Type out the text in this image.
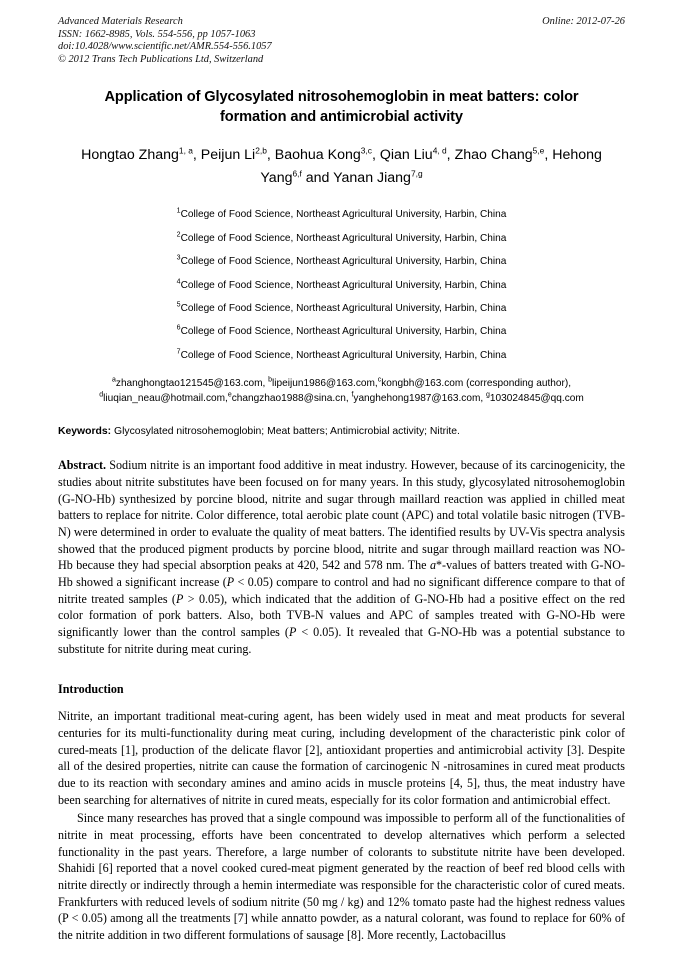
Advanced Materials Research
ISSN: 1662-8985, Vols. 554-556, pp 1057-1063
doi:10.4028/www.scientific.net/AMR.554-556.1057
© 2012 Trans Tech Publications Ltd, Switzerland
Online: 2012-07-26
Application of Glycosylated nitrosohemoglobin in meat batters: color formation and antimicrobial activity
Hongtao Zhang$^{1, a}$, Peijun Li$^{2,b}$, Baohua Kong$^{3,c}$, Qian Liu$^{4, d}$, Zhao Chang$^{5,e}$, Hehong Yang$^{6,f}$ and Yanan Jiang$^{7,g}$
$^1$College of Food Science, Northeast Agricultural University, Harbin, China
$^2$College of Food Science, Northeast Agricultural University, Harbin, China
$^3$College of Food Science, Northeast Agricultural University, Harbin, China
$^4$College of Food Science, Northeast Agricultural University, Harbin, China
$^5$College of Food Science, Northeast Agricultural University, Harbin, China
$^6$College of Food Science, Northeast Agricultural University, Harbin, China
$^7$College of Food Science, Northeast Agricultural University, Harbin, China
$^a$zhanghongtao121545@163.com, $^b$lipeijun1986@163.com,$^c$kongbh@163.com (corresponding author), $^d$liuqian_neau@hotmail.com,$^e$changzhao1988@sina.cn, $^f$yanghehong1987@163.com, $^g$103024845@qq.com
Keywords: Glycosylated nitrosohemoglobin; Meat batters; Antimicrobial activity; Nitrite.
Abstract. Sodium nitrite is an important food additive in meat industry. However, because of its carcinogenicity, the studies about nitrite substitutes have been focused on for many years. In this study, glycosylated nitrosohemoglobin (G-NO-Hb) synthesized by porcine blood, nitrite and sugar through maillard reaction was applied in chilled meat batters to replace for nitrite. Color difference, total aerobic plate count (APC) and total volatile basic nitrogen (TVB-N) were determined in order to evaluate the quality of meat batters. The identified results by UV-Vis spectra analysis showed that the produced pigment products by porcine blood, nitrite and sugar through maillard reaction was NO-Hb because they had special absorption peaks at 420, 542 and 578 nm. The a*-values of batters treated with G-NO-Hb showed a significant increase (P < 0.05) compare to control and had no significant difference compare to that of nitrite treated samples (P > 0.05), which indicated that the addition of G-NO-Hb had a positive effect on the red color formation of pork batters. Also, both TVB-N values and APC of samples treated with G-NO-Hb were significantly lower than the control samples (P < 0.05). It revealed that G-NO-Hb was a potential substance to substitute for nitrite during meat curing.
Introduction

Nitrite, an important traditional meat-curing agent, has been widely used in meat and meat products for several centuries for its multi-functionality during meat curing, including development of the characteristic pink color of cured-meats [1], production of the delicate flavor [2], antioxidant properties and antimicrobial activity [3]. Despite all of the desired properties, nitrite can cause the formation of carcinogenic N -nitrosamines in cured meat products due to its reaction with secondary amines and amino acids in muscle proteins [4, 5], thus, the meat industry have been searching for alternatives of nitrite in cured meats, especially for its color formation and antimicrobial effect.

Since many researches has proved that a single compound was impossible to perform all of the functionalities of nitrite in meat processing, efforts have been concentrated to develop alternatives which perform a selected functionality in the past years. Therefore, a large number of colorants to substitute nitrite have been developed. Shahidi [6] reported that a novel cooked cured-meat pigment generated by the reaction of beef red blood cells with nitrite directly or indirectly through a hemin intermediate was responsible for the characteristic color of cured meats. Frankfurters with reduced levels of sodium nitrite (50 mg / kg) and 12% tomato paste had the highest redness values (P < 0.05) among all the treatments [7] while annatto powder, as a natural colorant, was found to replace for 60% of the nitrite addition in two different formulations of sausage [8]. More recently, Lactobacillus
